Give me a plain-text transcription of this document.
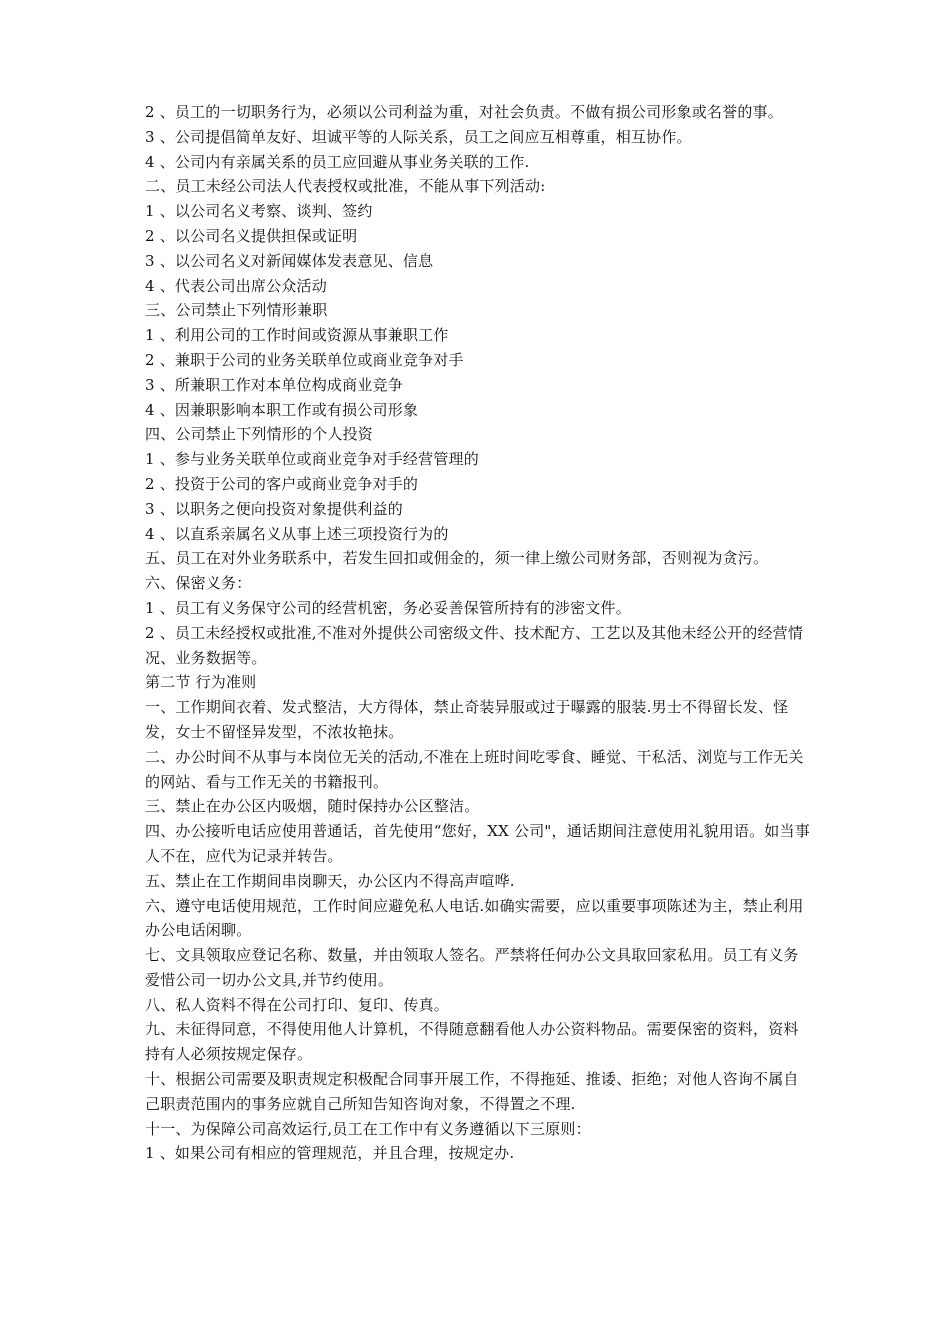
2 、员工的一切职务行为，必须以公司利益为重，对社会负责。不做有损公司形象或名誉的事。

3 、公司提倡简单友好、坦诚平等的人际关系，员工之间应互相尊重，相互协作。

4 、公司内有亲属关系的员工应回避从事业务关联的工作.

二、员工未经公司法人代表授权或批准，不能从事下列活动:

1 、以公司名义考察、谈判、签约

2 、以公司名义提供担保或证明

3 、以公司名义对新闻媒体发表意见、信息

4 、代表公司出席公众活动

三、公司禁止下列情形兼职

1 、利用公司的工作时间或资源从事兼职工作

2 、兼职于公司的业务关联单位或商业竞争对手

3 、所兼职工作对本单位构成商业竞争

4 、因兼职影响本职工作或有损公司形象

四、公司禁止下列情形的个人投资

1 、参与业务关联单位或商业竞争对手经营管理的

2 、投资于公司的客户或商业竞争对手的

3 、以职务之便向投资对象提供利益的

4 、以直系亲属名义从事上述三项投资行为的

五、员工在对外业务联系中，若发生回扣或佣金的，须一律上缴公司财务部，否则视为贪污。

六、保密义务：

1 、员工有义务保守公司的经营机密，务必妥善保管所持有的涉密文件。

2 、员工未经授权或批准,不准对外提供公司密级文件、技术配方、工艺以及其他未经公开的经营情况、业务数据等。

第二节 行为准则

一、工作期间衣着、发式整洁，大方得体，禁止奇装异服或过于曝露的服装.男士不得留长发、怪发，女士不留怪异发型，不浓妆艳抹。

二、办公时间不从事与本岗位无关的活动,不准在上班时间吃零食、睡觉、干私活、浏览与工作无关的网站、看与工作无关的书籍报刊。

三、禁止在办公区内吸烟，随时保持办公区整洁。

四、办公接听电话应使用普通话，首先使用“您好，XX 公司"，通话期间注意使用礼貌用语。如当事人不在，应代为记录并转告。

五、禁止在工作期间串岗聊天，办公区内不得高声喧哗.

六、遵守电话使用规范，工作时间应避免私人电话.如确实需要，应以重要事项陈述为主，禁止利用办公电话闲聊。

七、文具领取应登记名称、数量，并由领取人签名。严禁将任何办公文具取回家私用。员工有义务爱惜公司一切办公文具,并节约使用。

八、私人资料不得在公司打印、复印、传真。

九、未征得同意，不得使用他人计算机，不得随意翻看他人办公资料物品。需要保密的资料，资料持有人必须按规定保存。

十、根据公司需要及职责规定积极配合同事开展工作，不得拖延、推诿、拒绝；对他人咨询不属自己职责范围内的事务应就自己所知告知咨询对象，不得置之不理.

十一、为保障公司高效运行,员工在工作中有义务遵循以下三原则：

1 、如果公司有相应的管理规范，并且合理，按规定办.
